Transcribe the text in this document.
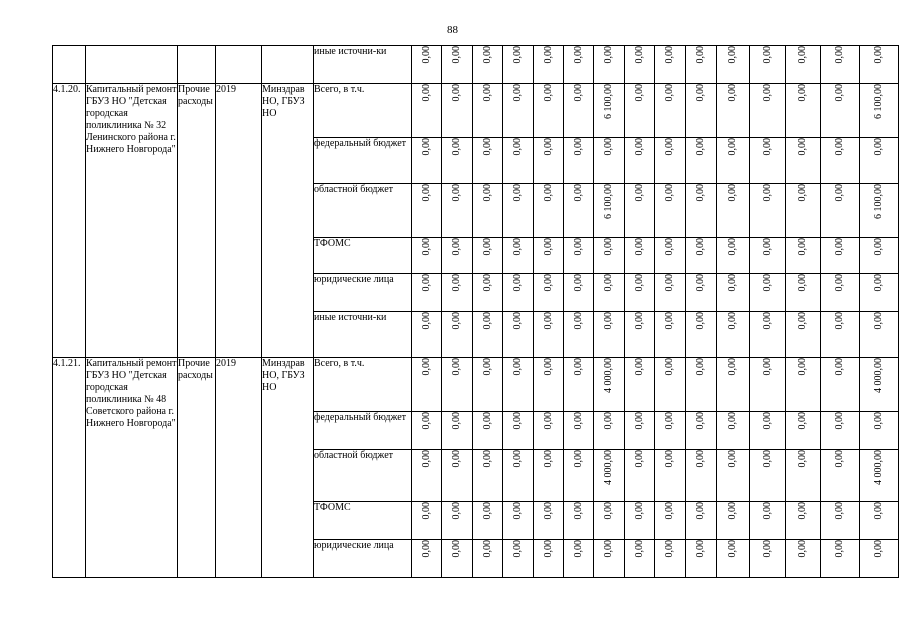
88
					иные источни-ки	0,00	0,00	0,00	0,00	0,00	0,00	0,00	0,00	0,00	0,00	0,00	0,00	0,00	0,00	0,00
4.1.20.	Капитальный ремонт ГБУЗ НО "Детская городская поликлиника № 32 Ленинского района г. Нижнего Новгорода"	Прочие расходы	2019	Минздрав НО, ГБУЗ НО	Всего, в т.ч.	0,00	0,00	0,00	0,00	0,00	0,00	6 100,00	0,00	0,00	0,00	0,00	0,00	0,00	0,00	6 100,00
					федеральный бюджет	0,00	0,00	0,00	0,00	0,00	0,00	0,00	0,00	0,00	0,00	0,00	0,00	0,00	0,00	0,00
					областной бюджет	0,00	0,00	0,00	0,00	0,00	0,00	6 100,00	0,00	0,00	0,00	0,00	0,00	0,00	0,00	6 100,00
					ТФОМС	0,00	0,00	0,00	0,00	0,00	0,00	0,00	0,00	0,00	0,00	0,00	0,00	0,00	0,00	0,00
					юридические лица	0,00	0,00	0,00	0,00	0,00	0,00	0,00	0,00	0,00	0,00	0,00	0,00	0,00	0,00	0,00
					иные источни-ки	0,00	0,00	0,00	0,00	0,00	0,00	0,00	0,00	0,00	0,00	0,00	0,00	0,00	0,00	0,00
4.1.21.	Капитальный ремонт ГБУЗ НО "Детская городская поликлиника № 48 Советского района г. Нижнего Новгорода"	Прочие расходы	2019	Минздрав НО, ГБУЗ НО	Всего, в т.ч.	0,00	0,00	0,00	0,00	0,00	0,00	4 000,00	0,00	0,00	0,00	0,00	0,00	0,00	0,00	4 000,00
					федеральный бюджет	0,00	0,00	0,00	0,00	0,00	0,00	0,00	0,00	0,00	0,00	0,00	0,00	0,00	0,00	0,00
					областной бюджет	0,00	0,00	0,00	0,00	0,00	0,00	4 000,00	0,00	0,00	0,00	0,00	0,00	0,00	0,00	4 000,00
					ТФОМС	0,00	0,00	0,00	0,00	0,00	0,00	0,00	0,00	0,00	0,00	0,00	0,00	0,00	0,00	0,00
					юридические лица	0,00	0,00	0,00	0,00	0,00	0,00	0,00	0,00	0,00	0,00	0,00	0,00	0,00	0,00	0,00
